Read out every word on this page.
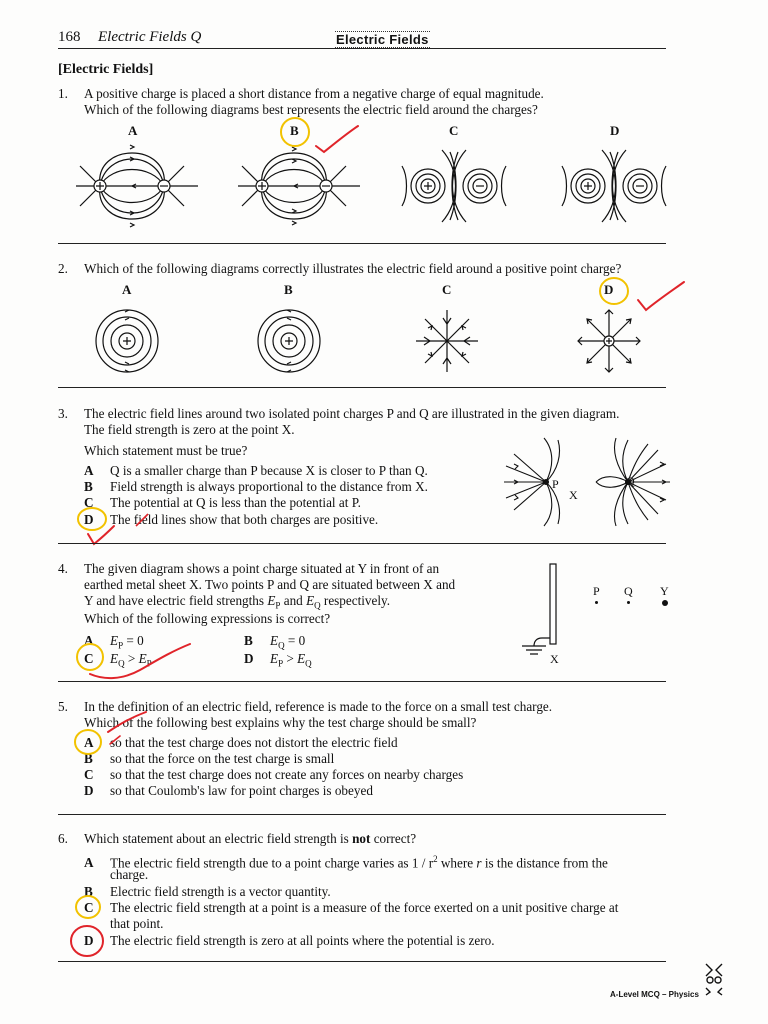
168 Electric Fields Q	Electric Fields
[Electric Fields]
1. A positive charge is placed a short distance from a negative charge of equal magnitude.
Which of the following diagrams best represents the electric field around the charges?
A	B	C	D
2. Which of the following diagrams correctly illustrates the electric field around a positive point charge?
A	B	C	D
3. The electric field lines around two isolated point charges P and Q are illustrated in the given diagram.
The field strength is zero at the point X.
Which statement must be true?
A Q is a smaller charge than P because X is closer to P than Q.
B Field strength is always proportional to the distance from X.
C The potential at Q is less than the potential at P.
D The field lines show that both charges are positive.
P
X
Q
4. The given diagram shows a point charge situated at Y in front of an
earthed metal sheet X. Two points P and Q are situated between X and
Y and have electric field strengths $E_P$ and $E_Q$ respectively.
Which of the following expressions is correct?
A $E_P = 0$	B $E_Q = 0$
C $E_Q > E_P$	D $E_P > E_Q$
P Q Y
X
5. In the definition of an electric field, reference is made to the force on a small test charge.
Which of the following best explains why the test charge should be small?
A so that the test charge does not distort the electric field
B so that the force on the test charge is small
C so that the test charge does not create any forces on nearby charges
D so that Coulomb's law for point charges is obeyed
6. Which statement about an electric field strength is not correct?
A The electric field strength due to a point charge varies as $1 / r^2$ where r is the distance from the
charge.
B Electric field strength is a vector quantity.
C The electric field strength at a point is a measure of the force exerted on a unit positive charge at
that point.
D The electric field strength is zero at all points where the potential is zero.
A-Level MCQ – Physics
